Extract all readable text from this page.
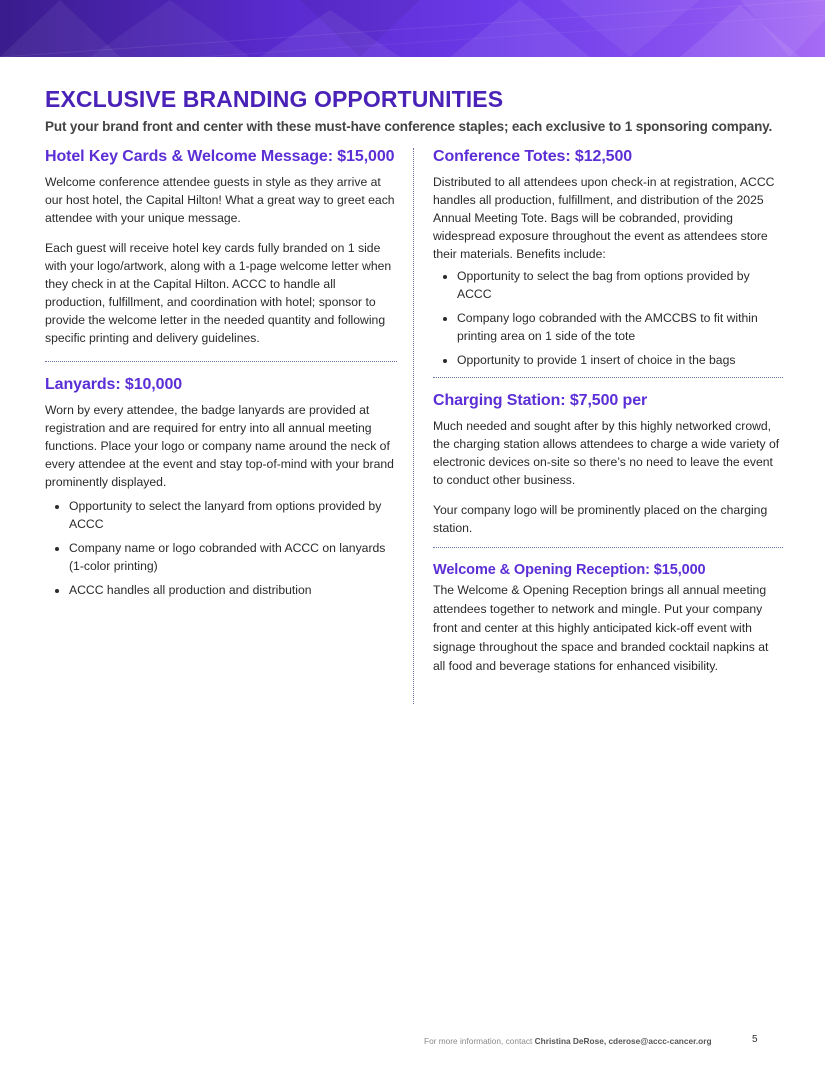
EXCLUSIVE BRANDING OPPORTUNITIES
Put your brand front and center with these must-have conference staples; each exclusive to 1 sponsoring company.
Hotel Key Cards & Welcome Message: $15,000

Welcome conference attendee guests in style as they arrive at our host hotel, the Capital Hilton! What a great way to greet each attendee with your unique message.

Each guest will receive hotel key cards fully branded on 1 side with your logo/artwork, along with a 1-page welcome letter when they check in at the Capital Hilton. ACCC to handle all production, fulfillment, and coordination with hotel; sponsor to provide the welcome letter in the needed quantity and following specific printing and delivery guidelines.

Lanyards: $10,000

Worn by every attendee, the badge lanyards are provided at registration and are required for entry into all annual meeting functions. Place your logo or company name around the neck of every attendee at the event and stay top-of-mind with your brand prominently displayed.

• Opportunity to select the lanyard from options provided by ACCC
• Company name or logo cobranded with ACCC on lanyards (1-color printing)
• ACCC handles all production and distribution
Conference Totes: $12,500

Distributed to all attendees upon check-in at registration, ACCC handles all production, fulfillment, and distribution of the 2025 Annual Meeting Tote. Bags will be cobranded, providing widespread exposure throughout the event as attendees store their materials. Benefits include:

• Opportunity to select the bag from options provided by ACCC
• Company logo cobranded with the AMCCBS to fit within printing area on 1 side of the tote
• Opportunity to provide 1 insert of choice in the bags
Charging Station: $7,500 per

Much needed and sought after by this highly networked crowd, the charging station allows attendees to charge a wide variety of electronic devices on-site so there’s no need to leave the event to conduct other business.

Your company logo will be prominently placed on the charging station.

Welcome & Opening Reception: $15,000

The Welcome & Opening Reception brings all annual meeting attendees together to network and mingle. Put your company front and center at this highly anticipated kick-off event with signage throughout the space and branded cocktail napkins at all food and beverage stations for enhanced visibility.

For more information, contact Christina DeRose, cderose@accc-cancer.org	5
